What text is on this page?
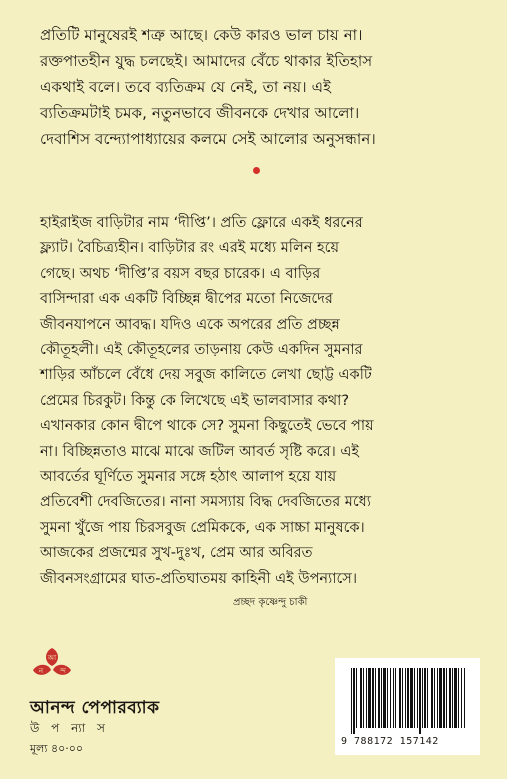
প্রতিটি মানুষেরই শত্রু আছে। কেউ কারও ভাল চায় না।

রক্তপাতহীন যুদ্ধ চলছেই। আমাদের বেঁচে থাকার ইতিহাস

একথাই বলে। তবে ব্যতিক্রম যে নেই, তা নয়। এই

ব্যতিক্রমটাই চমক, নতুনভাবে জীবনকে দেখার আলো।

দেবাশিস বন্দ্যোপাধ্যায়ের কলমে সেই আলোর অনুসন্ধান।

হাইরাইজ বাড়িটার নাম ‘দীপ্তি’। প্রতি ফ্লোরে একই ধরনের

ফ্ল্যাট। বৈচিত্র্যহীন। বাড়িটার রং এরই মধ্যে মলিন হয়ে

গেছে। অথচ ‘দীপ্তি’র বয়স বছর চারেক। এ বাড়ির

বাসিন্দারা এক একটি বিচ্ছিন্ন দ্বীপের মতো নিজেদের

জীবনযাপনে আবদ্ধ। যদিও একে অপরের প্রতি প্রচ্ছন্ন

কৌতূহলী। এই কৌতূহলের তাড়নায় কেউ একদিন সুমনার

শাড়ির আঁচলে বেঁধে দেয় সবুজ কালিতে লেখা ছোট্ট একটি

প্রেমের চিরকুট। কিন্তু কে লিখেছে এই ভালবাসার কথা?

এখানকার কোন দ্বীপে থাকে সে? সুমনা কিছুতেই ভেবে পায়

না। বিচ্ছিন্নতাও মাঝে মাঝে জটিল আবর্ত সৃষ্টি করে। এই

আবর্তের ঘূর্ণিতে সুমনার সঙ্গে হঠাৎ আলাপ হয়ে যায়

প্রতিবেশী দেবজিতের। নানা সমস্যায় বিদ্ধ দেবজিতের মধ্যে

সুমনা খুঁজে পায় চিরসবুজ প্রেমিককে, এক সাচ্চা মানুষকে।

আজকের প্রজন্মের সুখ-দুঃখ, প্রেম আর অবিরত

জীবনসংগ্রামের ঘাত-প্রতিঘাতময় কাহিনী এই উপন্যাসে।

প্রচ্ছদ কৃষ্ণেন্দু চাকী
আ
ন ন্দ
আনন্দ পেপারব্যাক
উ প ন্যা স
মূল্য ৪০·০০
9 788172 157142
